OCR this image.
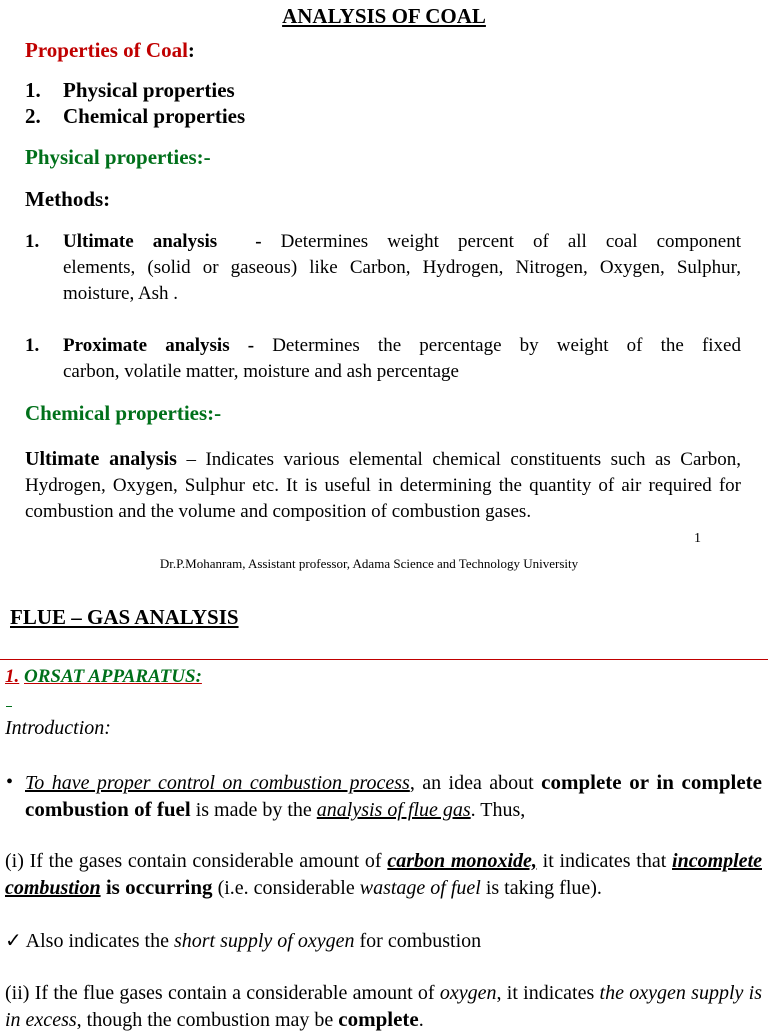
ANALYSIS OF COAL
Properties of Coal:
1. Physical properties
2. Chemical properties
Physical properties:-
Methods:
1.	Ultimate analysis  - Determines weight percent of all coal component
elements, (solid or gaseous) like Carbon, Hydrogen, Nitrogen, Oxygen, Sulphur, moisture, Ash .
1.	Proximate analysis - Determines the percentage by weight of the fixed
carbon, volatile matter, moisture and ash percentage
Chemical properties:-
Ultimate analysis – Indicates various elemental chemical constituents such as Carbon, Hydrogen, Oxygen, Sulphur etc. It is useful in determining the quantity of air required for combustion and the volume and composition of combustion gases.
1
Dr.P.Mohanram, Assistant professor, Adama Science and Technology University
FLUE – GAS ANALYSIS
1. ORSAT APPARATUS:
Introduction:
• To have proper control on combustion process, an idea about complete or in complete combustion of fuel is made by the analysis of flue gas. Thus,
(i) If the gases contain considerable amount of carbon monoxide, it indicates that incomplete combustion is occurring (i.e. considerable wastage of fuel is taking flue).
✓ Also indicates the short supply of oxygen for combustion
(ii) If the flue gases contain a considerable amount of oxygen, it indicates the oxygen supply is in excess, though the combustion may be complete.
